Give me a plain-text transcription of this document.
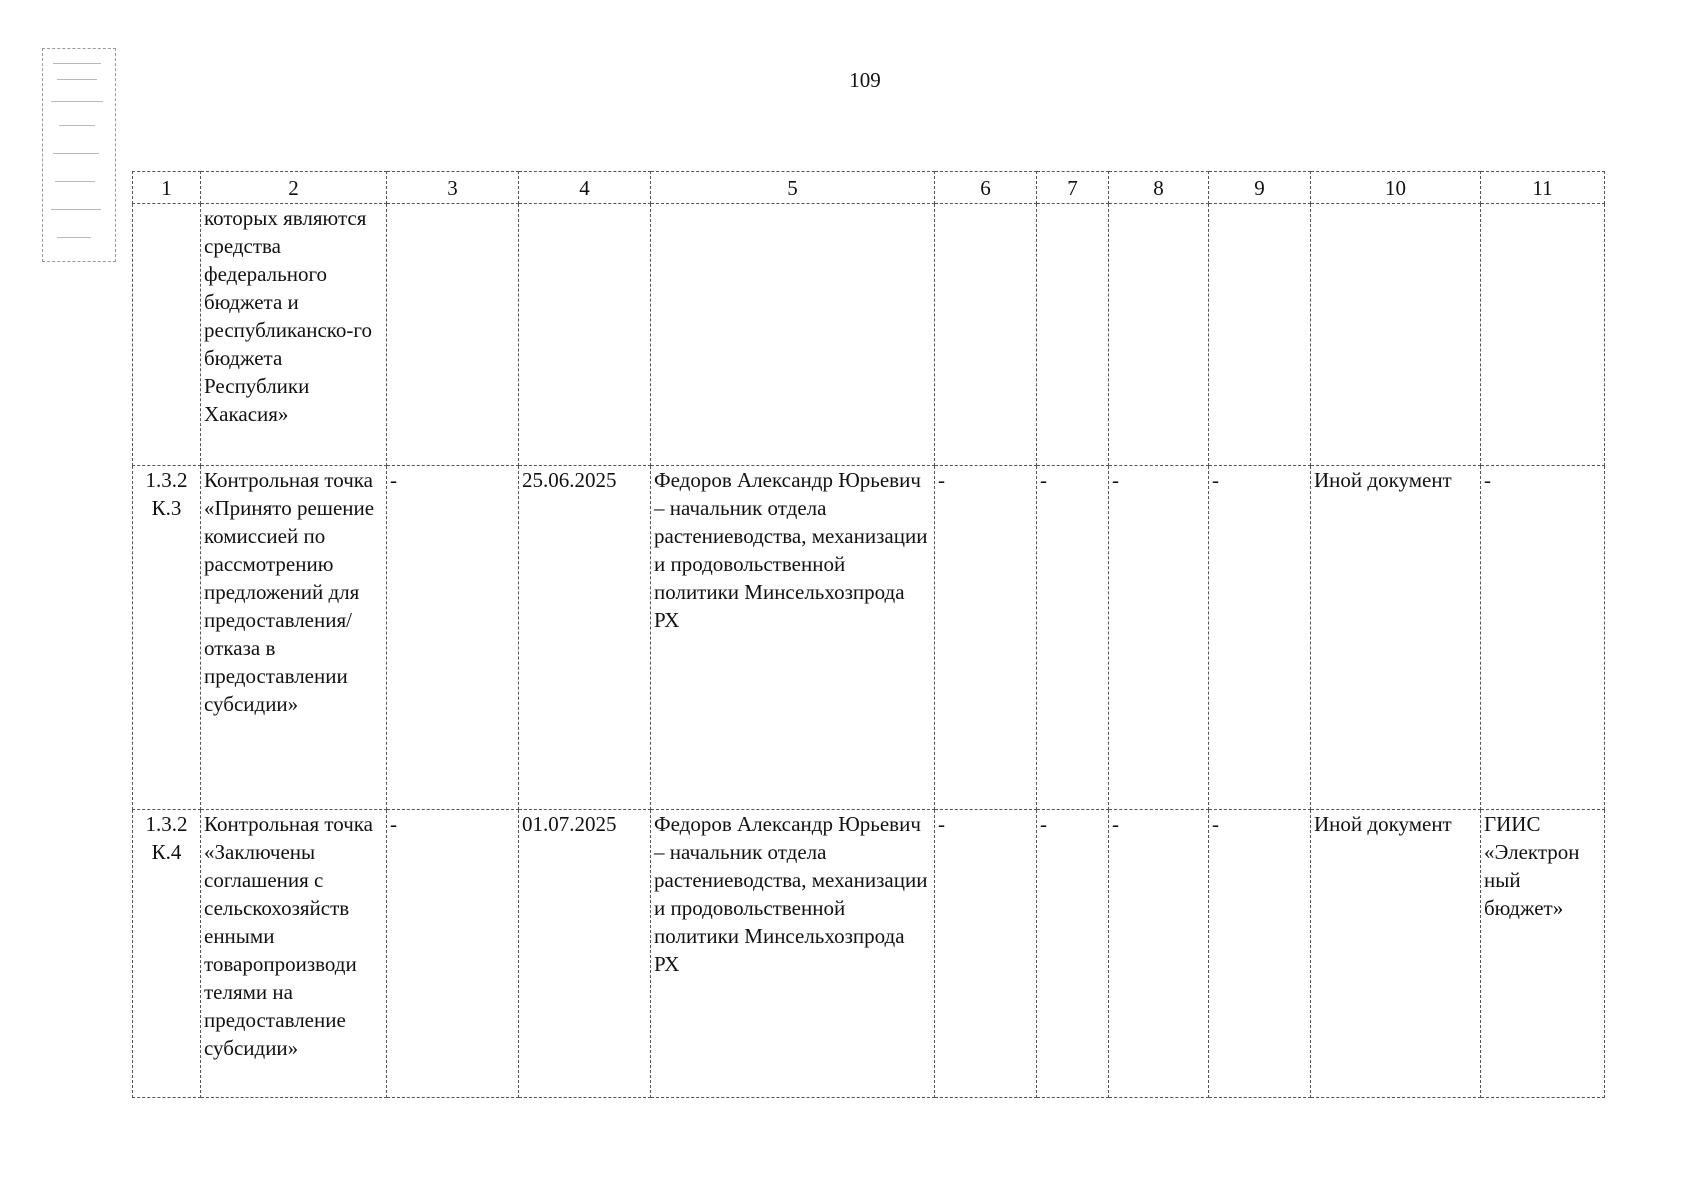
109
1	2	3	4	5	6	7	8	9	10	11
	которых являются средства федерального бюджета и республиканско-го бюджета Республики Хакасия»									
1.3.2 К.3	Контрольная точка «Принято решение комиссией по рассмотрению предложений для предоставления/ отказа в предоставлении субсидии»	-	25.06.2025	Федоров Александр Юрьевич – начальник отдела растениеводства, механизации и продовольственной политики Минсельхозпрода РХ	-	-	-	-	Иной документ	-
1.3.2 К.4	Контрольная точка «Заключены соглашения с сельскохозяйств енными товаропроизводи телями на предоставление субсидии»	-	01.07.2025	Федоров Александр Юрьевич – начальник отдела растениеводства, механизации и продовольственной политики Минсельхозпрода РХ	-	-	-	-	Иной документ	ГИИС «Электрон ный бюджет»
